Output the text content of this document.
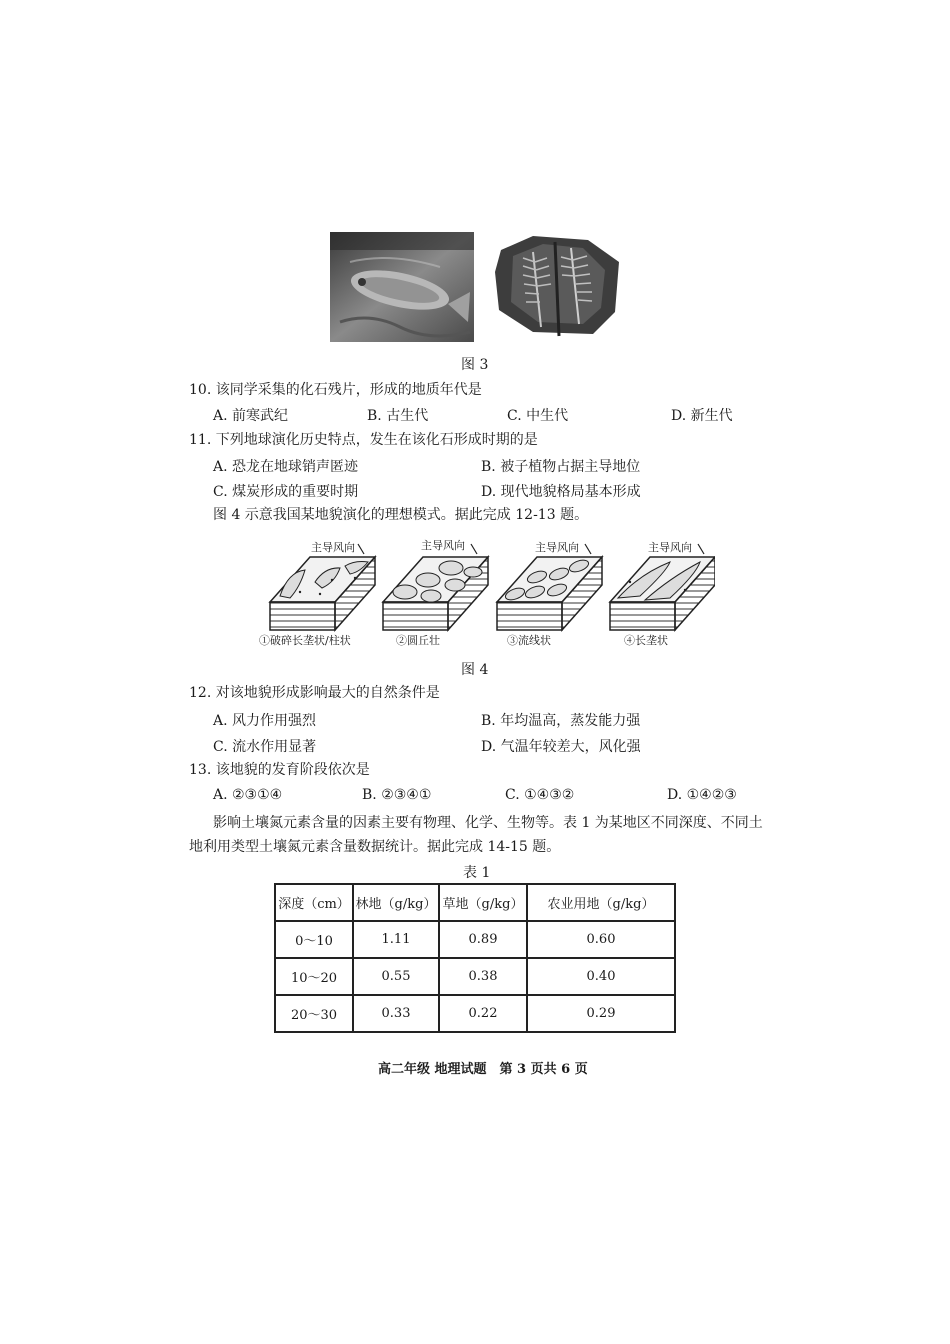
图 3
10. 该同学采集的化石残片，形成的地质年代是
A. 前寒武纪	B. 古生代	C. 中生代	D. 新生代
11. 下列地球演化历史特点，发生在该化石形成时期的是
A. 恐龙在地球销声匿迹	B. 被子植物占据主导地位
C. 煤炭形成的重要时期	D. 现代地貌格局基本形成
图 4 示意我国某地貌演化的理想模式。据此完成 12-13 题。
主导风向	主导风向	主导风向	主导风向
①破碎长垄状/柱状	②圆丘壮	③流线状	④长垄状
图 4
12. 对该地貌形成影响最大的自然条件是
A. 风力作用强烈	B. 年均温高，蒸发能力强
C. 流水作用显著	D. 气温年较差大，风化强
13. 该地貌的发育阶段依次是
A. ②③①④	B. ②③④①	C. ①④③②	D. ①④②③
影响土壤氮元素含量的因素主要有物理、化学、生物等。表 1 为某地区不同深度、不同土
地利用类型土壤氮元素含量数据统计。据此完成 14-15 题。
表 1
深度（cm）	林地（g/kg）	草地（g/kg）	农业用地（g/kg）
0～10	1.11	0.89	0.60
10～20	0.55	0.38	0.40
20～30	0.33	0.22	0.29
高二年级 地理试题　第 3 页共 6 页
